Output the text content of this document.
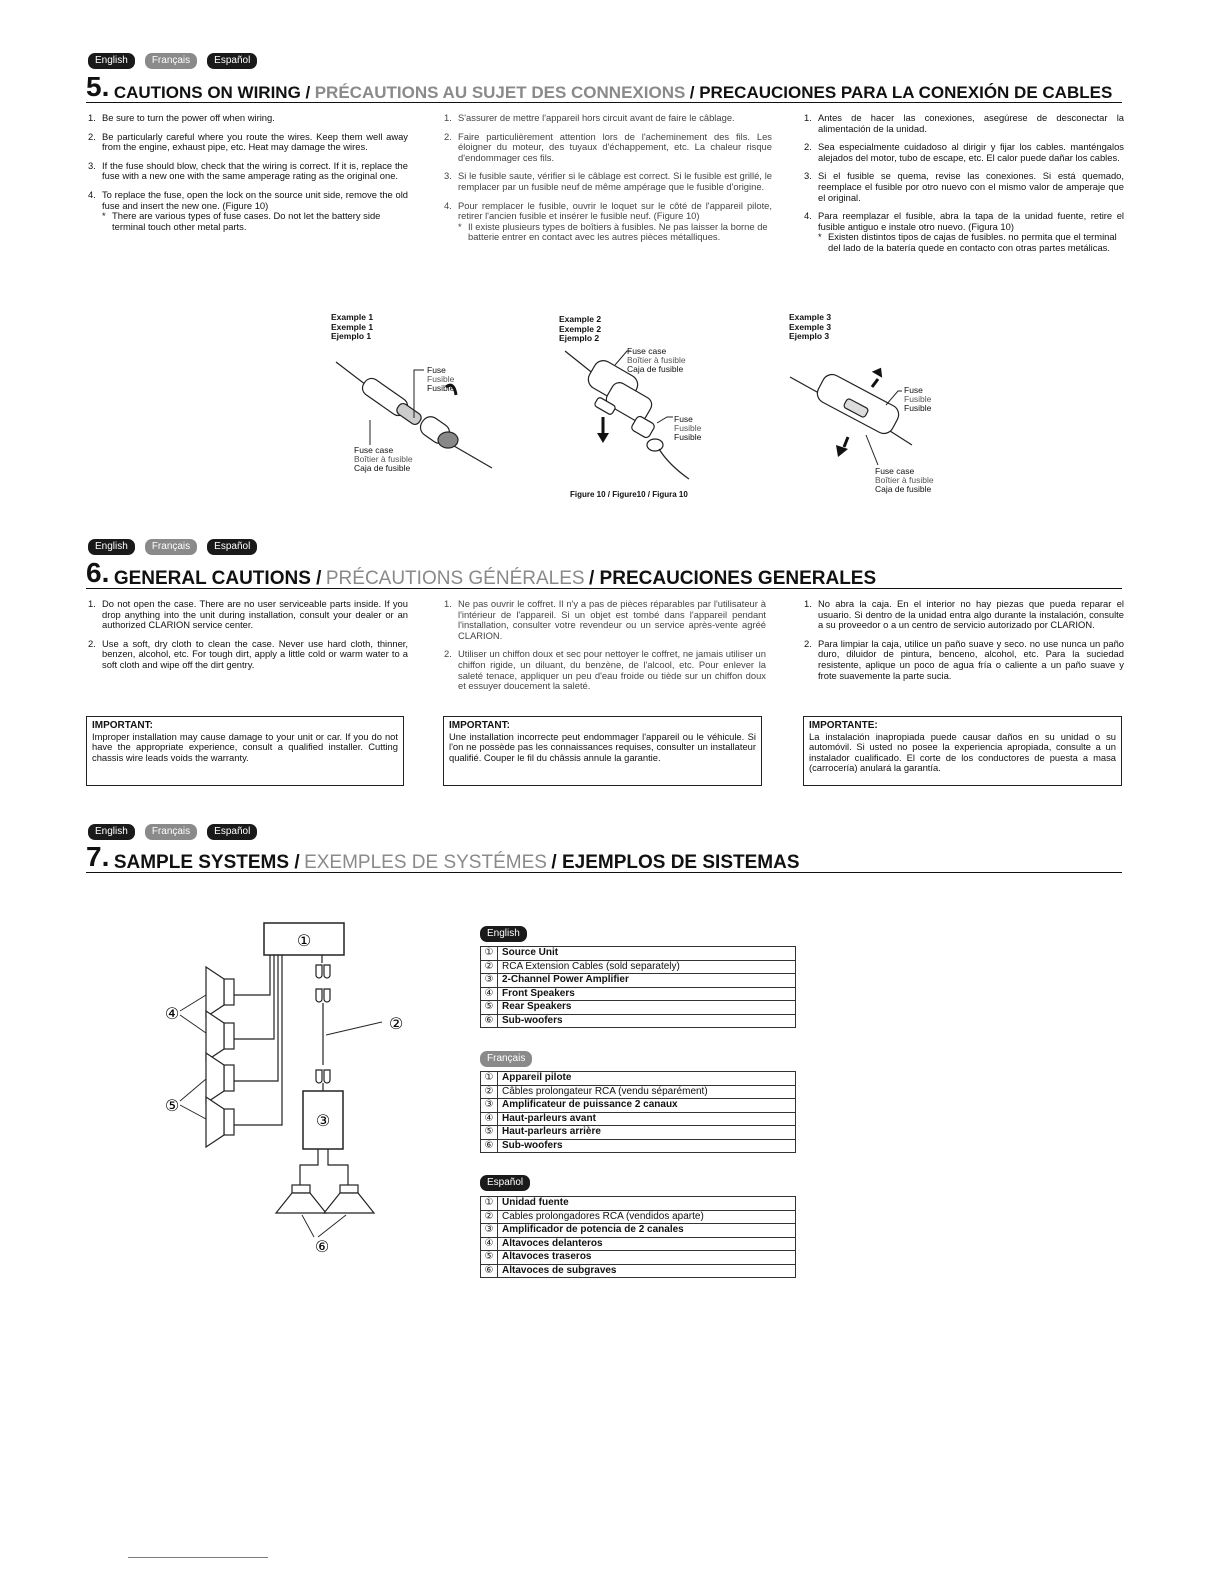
English	Français	Español
5. CAUTIONS ON WIRING / PRÉCAUTIONS AU SUJET DES CONNEXIONS / PRECAUCIONES PARA LA CONEXIÓN DE CABLES
1. Be sure to turn the power off when wiring.
2. Be particularly careful where you route the wires. Keep them well away from the engine, exhaust pipe, etc. Heat may damage the wires.
3. If the fuse should blow, check that the wiring is correct. If it is, replace the fuse with a new one with the same amperage rating as the original one.
4. To replace the fuse, open the lock on the source unit side, remove the old fuse and insert the new one. (Figure 10)
* There are various types of fuse cases. Do not let the battery side terminal touch other metal parts.
1. S'assurer de mettre l'appareil hors circuit avant de faire le câblage.
2. Faire particulièrement attention lors de l'acheminement des fils. Les éloigner du moteur, des tuyaux d'échappement, etc. La chaleur risque d'endommager ces fils.
3. Si le fusible saute, vérifier si le câblage est correct. Si le fusible est grillé, le remplacer par un fusible neuf de même ampérage que le fusible d'origine.
4. Pour remplacer le fusible, ouvrir le loquet sur le côté de l'appareil pilote, retirer l'ancien fusible et insérer le fusible neuf. (Figure 10)
* Il existe plusieurs types de boîtiers à fusibles. Ne pas laisser la borne de batterie entrer en contact avec les autres pièces métalliques.
1. Antes de hacer las conexiones, asegúrese de desconectar la alimentación de la unidad.
2. Sea especialmente cuidadoso al dirigir y fijar los cables. manténgalos alejados del motor, tubo de escape, etc. El calor puede dañar los cables.
3. Si el fusible se quema, revise las conexiones. Si está quemado, reemplace el fusible por otro nuevo con el mismo valor de amperaje que el original.
4. Para reemplazar el fusible, abra la tapa de la unidad fuente, retire el fusible antiguo e instale otro nuevo. (Figura 10)
* Existen distintos tipos de cajas de fusibles. no permita que el terminal del lado de la batería quede en contacto con otras partes metálicas.
Example 1
Exemple 1
Ejemplo 1
Example 2
Exemple 2
Ejemplo 2
Example 3
Exemple 3
Ejemplo 3
Fuse
Fusible
Fusible
Fuse case
Boîtier à fusible
Caja de fusible
Fuse case
Boîtier à fusible
Caja de fusible
Fuse
Fusible
Fusible
Figure 10 / Figure10 / Figura 10
Fuse
Fusible
Fusible
Fuse case
Boîtier à fusible
Caja de fusible
English	Français	Español
6. GENERAL CAUTIONS / PRÉCAUTIONS GÉNÉRALES / PRECAUCIONES GENERALES
1. Do not open the case. There are no user serviceable parts inside. If you drop anything into the unit during installation, consult your dealer or an authorized CLARION service center.
2. Use a soft, dry cloth to clean the case. Never use hard cloth, thinner, benzen, alcohol, etc. For tough dirt, apply a little cold or warm water to a soft cloth and wipe off the dirt gentry.
1. Ne pas ouvrir le coffret. Il n'y a pas de pièces réparables par l'utilisateur à l'intérieur de l'appareil. Si un objet est tombé dans l'appareil pendant l'installation, consulter votre revendeur ou un service après-vente agréé CLARION.
2. Utiliser un chiffon doux et sec pour nettoyer le coffret, ne jamais utiliser un chiffon rigide, un diluant, du benzène, de l'alcool, etc. Pour enlever la saleté tenace, appliquer un peu d'eau froide ou tiède sur un chiffon doux et essuyer doucement la saleté.
1. No abra la caja. En el interior no hay piezas que pueda reparar el usuario. Si dentro de la unidad entra algo durante la instalación, consulte a su proveedor o a un centro de servicio autorizado por CLARION.
2. Para limpiar la caja, utilice un paño suave y seco. no use nunca un paño duro, diluidor de pintura, benceno, alcohol, etc. Para la suciedad resistente, aplique un poco de agua fría o caliente a un paño suave y frote suavemente la parte sucia.
IMPORTANT:
Improper installation may cause damage to your unit or car. If you do not have the appropriate experience, consult a qualified installer. Cutting chassis wire leads voids the warranty.
IMPORTANT:
Une installation incorrecte peut endommager l'appareil ou le véhicule. Si l'on ne possède pas les connaissances requises, consulter un installateur qualifié. Couper le fil du châssis annule la garantie.
IMPORTANTE:
La instalación inapropiada puede causar daños en su unidad o su automóvil. Si usted no posee la experiencia apropiada, consulte a un instalador cualificado. El corte de los conductores de puesta a masa (carrocería) anulará la garantía.
English	Français	Español
7. SAMPLE SYSTEMS / EXEMPLES DE SYSTÉMES / EJEMPLOS DE SISTEMAS
①
②
③
④
⑤
⑥
English
①	Source Unit
②	RCA Extension Cables (sold separately)
③	2-Channel Power Amplifier
④	Front Speakers
⑤	Rear Speakers
⑥	Sub-woofers
Français
①	Appareil pilote
②	Câbles prolongateur RCA (vendu séparément)
③	Amplificateur de puissance 2 canaux
④	Haut-parleurs avant
⑤	Haut-parleurs arrière
⑥	Sub-woofers
Español
①	Unidad fuente
②	Cables prolongadores RCA (vendidos aparte)
③	Amplificador de potencia de 2 canales
④	Altavoces delanteros
⑤	Altavoces traseros
⑥	Altavoces de subgraves
